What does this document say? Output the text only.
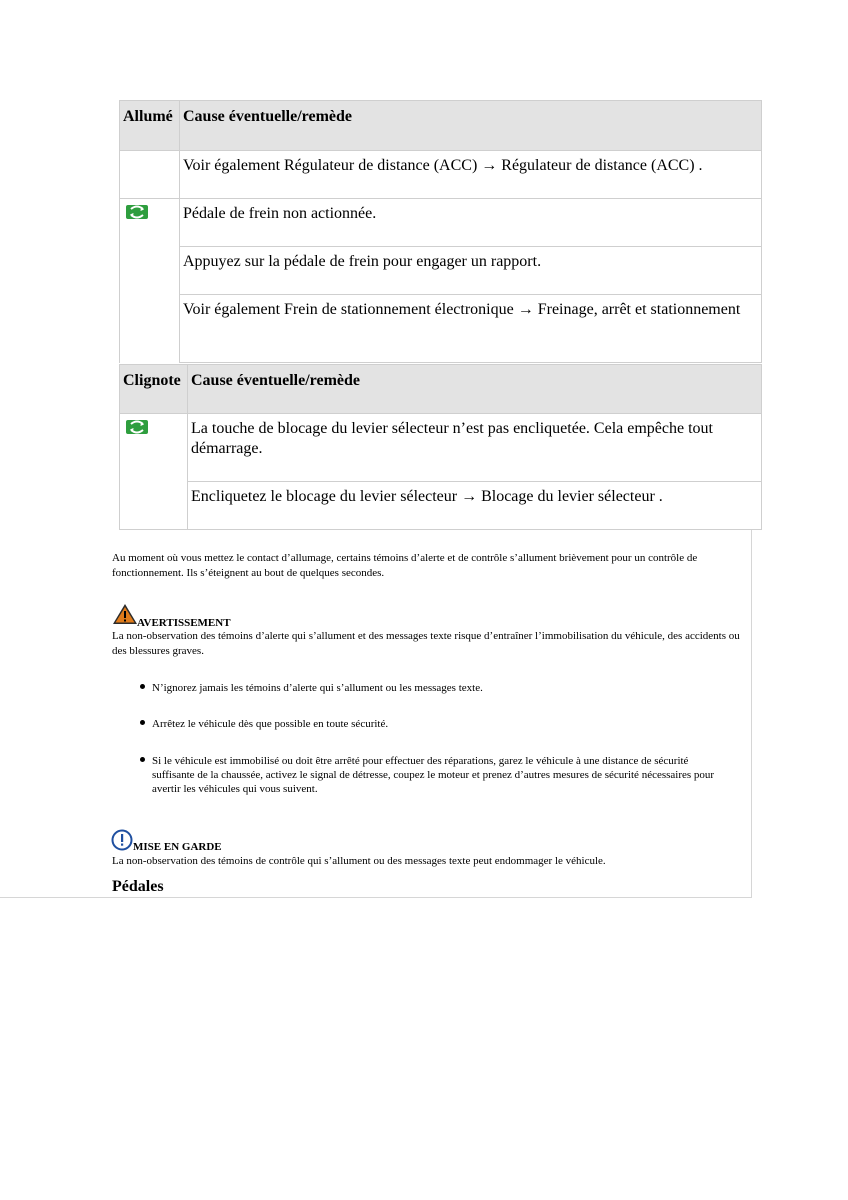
Allumé	Cause éventuelle/remède
	Voir également Régulateur de distance (ACC) → Régulateur de distance (ACC) .
	Pédale de frein non actionnée.
	Appuyez sur la pédale de frein pour engager un rapport.
	Voir également Frein de stationnement électronique → Freinage, arrêt et stationnement
Clignote	Cause éventuelle/remède
	La touche de blocage du levier sélecteur n’est pas encliquetée. Cela empêche tout démarrage.
	Encliquetez le blocage du levier sélecteur → Blocage du levier sélecteur .

Au moment où vous mettez le contact d’allumage, certains témoins d’alerte et de contrôle s’allument brièvement pour un contrôle de fonctionnement. Ils s’éteignent au bout de quelques secondes.

AVERTISSEMENT

La non-observation des témoins d’alerte qui s’allument et des messages texte risque d’entraîner l’immobilisation du véhicule, des accidents ou des blessures graves.

N’ignorez jamais les témoins d’alerte qui s’allument ou les messages texte.
Arrêtez le véhicule dès que possible en toute sécurité.
Si le véhicule est immobilisé ou doit être arrêté pour effectuer des réparations, garez le véhicule à une distance de sécurité suffisante de la chaussée, activez le signal de détresse, coupez le moteur et prenez d’autres mesures de sécurité nécessaires pour avertir les véhicules qui vous suivent.
MISE EN GARDE

La non-observation des témoins de contrôle qui s’allument ou des messages texte peut endommager le véhicule.

Pédales
